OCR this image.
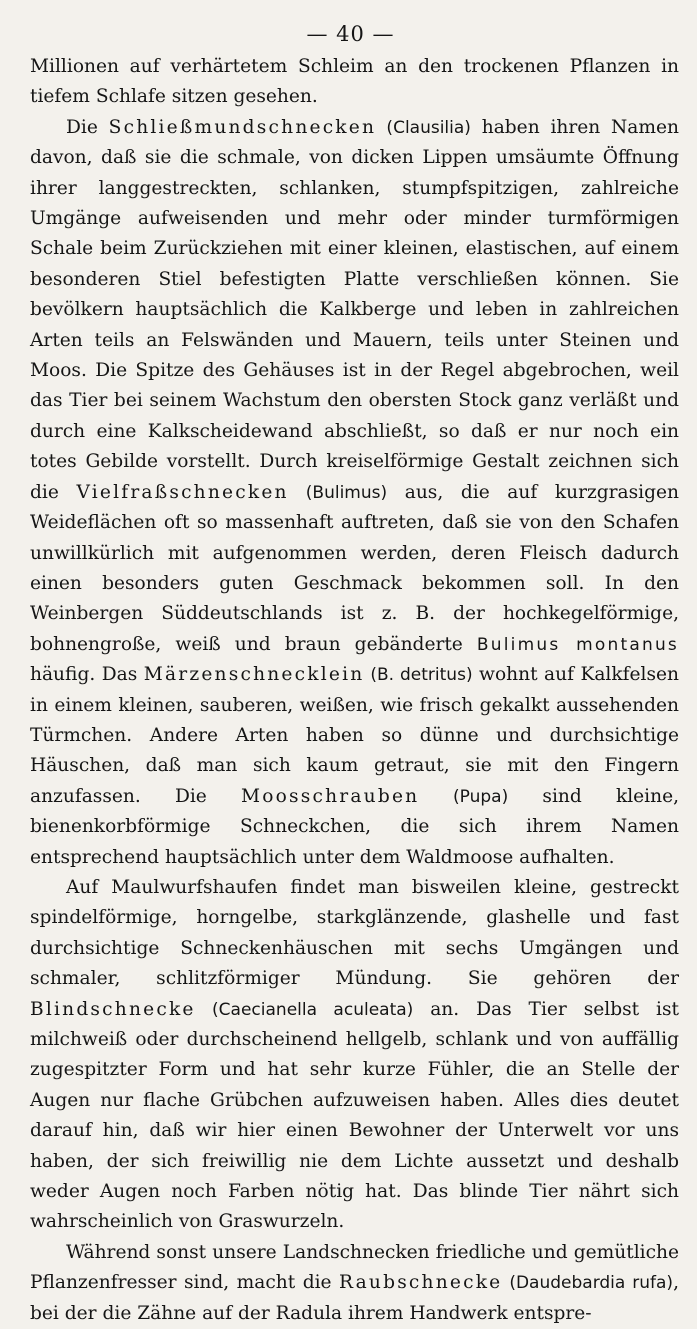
— 40 —

Millionen auf verhärtetem Schleim an den trockenen Pflanzen in tiefem Schlafe sitzen gesehen.

Die Schließmundschnecken (Clausilia) haben ihren Namen davon, daß sie die schmale, von dicken Lippen umsäumte Öffnung ihrer langgestreckten, schlanken, stumpfspitzigen, zahlreiche Umgänge aufweisenden und mehr oder minder turmförmigen Schale beim Zurückziehen mit einer kleinen, elastischen, auf einem besonderen Stiel befestigten Platte verschließen können. Sie bevölkern hauptsächlich die Kalkberge und leben in zahlreichen Arten teils an Felswänden und Mauern, teils unter Steinen und Moos. Die Spitze des Gehäuses ist in der Regel abgebrochen, weil das Tier bei seinem Wachstum den obersten Stock ganz verläßt und durch eine Kalkscheidewand abschließt, so daß er nur noch ein totes Gebilde vorstellt. Durch kreiselförmige Gestalt zeichnen sich die Vielfraßschnecken (Bulimus) aus, die auf kurzgrasigen Weideflächen oft so massenhaft auftreten, daß sie von den Schafen unwillkürlich mit aufgenommen werden, deren Fleisch dadurch einen besonders guten Geschmack bekommen soll. In den Weinbergen Süddeutschlands ist z. B. der hochkegelförmige, bohnengroße, weiß und braun gebänderte Bulimus montanus häufig. Das Märzenschnecklein (B. detritus) wohnt auf Kalkfelsen in einem kleinen, sauberen, weißen, wie frisch gekalkt aussehenden Türmchen. Andere Arten haben so dünne und durchsichtige Häuschen, daß man sich kaum getraut, sie mit den Fingern anzufassen. Die Moosschrauben (Pupa) sind kleine, bienenkorbförmige Schneckchen, die sich ihrem Namen entsprechend hauptsächlich unter dem Waldmoose aufhalten.

Auf Maulwurfshaufen findet man bisweilen kleine, gestreckt spindelförmige, horngelbe, starkglänzende, glashelle und fast durchsichtige Schneckenhäuschen mit sechs Umgängen und schmaler, schlitzförmiger Mündung. Sie gehören der Blindschnecke (Caecianella aculeata) an. Das Tier selbst ist milchweiß oder durchscheinend hellgelb, schlank und von auffällig zugespitzter Form und hat sehr kurze Fühler, die an Stelle der Augen nur flache Grübchen aufzuweisen haben. Alles dies deutet darauf hin, daß wir hier einen Bewohner der Unterwelt vor uns haben, der sich freiwillig nie dem Lichte aussetzt und deshalb weder Augen noch Farben nötig hat. Das blinde Tier nährt sich wahrscheinlich von Graswurzeln.

Während sonst unsere Landschnecken friedliche und gemütliche Pflanzenfresser sind, macht die Raubschnecke (Daudebardia rufa), bei der die Zähne auf der Radula ihrem Handwerk entspre-
